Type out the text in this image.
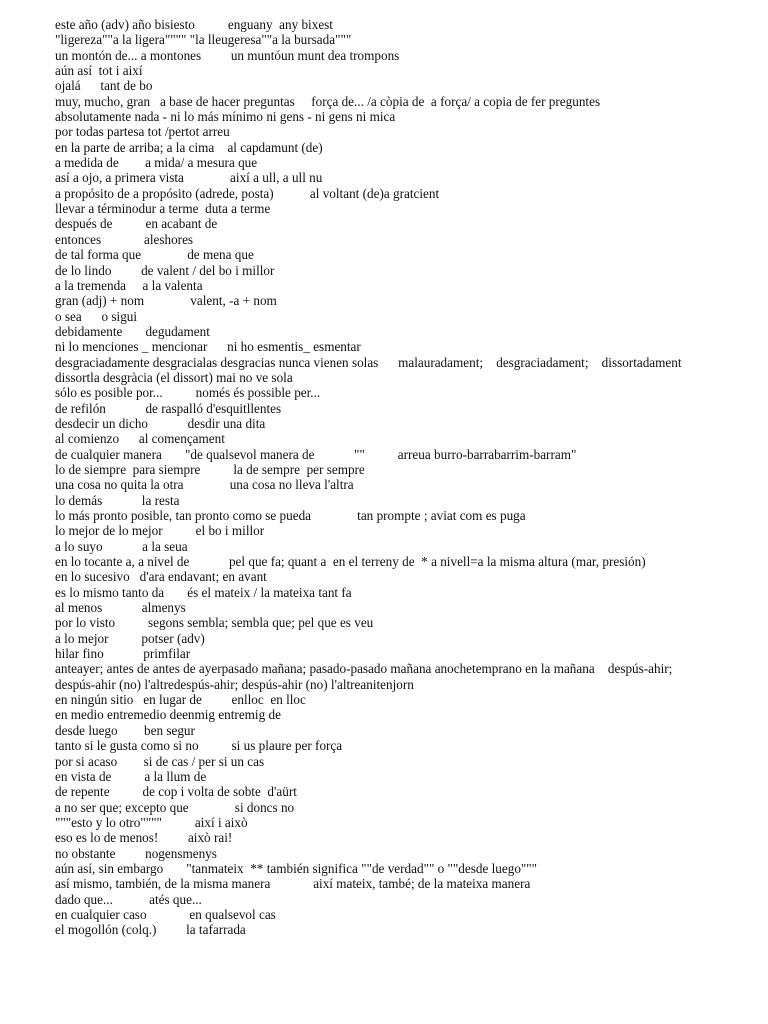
este año (adv) año bisiesto          enguany  any bixest
"ligereza""a la ligera"""" "la lleugeresa""a la bursada"""
un montón de... a montones         un muntóun munt dea trompons
aún así  tot i així
ojalá      tant de bo
muy, mucho, gran   a base de hacer preguntas     força de... /a còpia de  a força/ a copia de fer preguntes
absolutamente nada - ni lo más mínimo ni gens - ni gens ni mica
por todas partesa tot /pertot arreu
en la parte de arriba; a la cima    al capdamunt (de)
a medida de        a mida/ a mesura que
así a ojo, a primera vista              així a ull, a ull nu
a propósito de a propósito (adrede, posta)           al voltant (de)a gratcient
llevar a términodur a terme  duta a terme
después de          en acabant de
entonces             aleshores
de tal forma que              de mena que
de lo lindo         de valent / del bo i millor
a la tremenda     a la valenta
gran (adj) + nom              valent, -a + nom
o sea      o sigui
debidamente       degudament
ni lo menciones _ mencionar      ni ho esmentis_ esmentar
desgraciadamente desgracialas desgracias nunca vienen solas      malauradament;    desgraciadament;    dissortadament
dissortla desgràcia (el dissort) mai no ve sola
sólo es posible por...          només és possible per...
de refilón            de raspalló d'esquitllentes
desdecir un dicho            desdir una dita
al comienzo      al començament
de cualquier manera       "de qualsevol manera de            ""          arreua burro-barrabarrim-barram"
lo de siempre  para siempre          la de sempre  per sempre
una cosa no quita la otra              una cosa no lleva l'altra
lo demás            la resta
lo más pronto posible, tan pronto como se pueda              tan prompte ; aviat com es puga
lo mejor de lo mejor          el bo i millor
a lo suyo            a la seua
en lo tocante a, a nivel de            pel que fa; quant a  en el terreny de  * a nivell=a la misma altura (mar, presión)
en lo sucesivo   d'ara endavant; en avant
es lo mismo tanto da       és el mateix / la mateixa tant fa
al menos            almenys
por lo visto          segons sembla; sembla que; pel que es veu
a lo mejor          potser (adv)
hilar fino            primfilar
anteayer; antes de antes de ayerpasado mañana; pasado-pasado mañana anochetemprano en la mañana    despús-ahir;
despús-ahir (no) l'altredespús-ahir; despús-ahir (no) l'altreanitenjorn
en ningún sitio   en lugar de         enlloc  en lloc
en medio entremedio deenmig entremig de
desde luego        ben segur
tanto si le gusta como si no          si us plaure per força
por si acaso        si de cas / per si un cas
en vista de          a la llum de
de repente          de cop i volta de sobte  d'aürt
a no ser que; excepto que              si doncs no
"""esto y lo otro""""          així i això
eso es lo de menos!         això rai!
no obstante         nogensmenys
aún así, sin embargo       "tanmateix  ** también significa ""de verdad"" o ""desde luego"""
así mismo, también, de la misma manera             així mateix, també; de la mateixa manera
dado que...           atés que...
en cualquier caso             en qualsevol cas
el mogollón (colq.)         la tafarrada
